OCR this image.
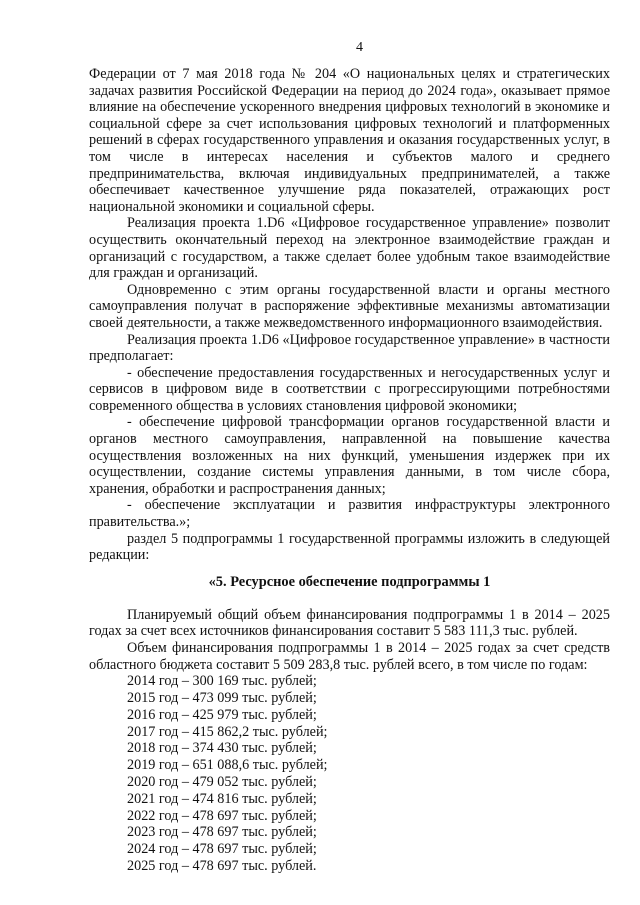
4

Федерации от 7 мая 2018 года № 204 «О национальных целях и стратегических задачах развития Российской Федерации на период до 2024 года», оказывает прямое влияние на обеспечение ускоренного внедрения цифровых технологий в экономике и социальной сфере за счет использования цифровых технологий и платформенных решений в сферах государственного управления и оказания государственных услуг, в том числе в интересах населения и субъектов малого и среднего предпринимательства, включая индивидуальных предпринимателей, а также обеспечивает качественное улучшение ряда показателей, отражающих рост национальной экономики и социальной сферы.

Реализация проекта 1.D6 «Цифровое государственное управление» позволит осуществить окончательный переход на электронное взаимодействие граждан и организаций с государством, а также сделает более удобным такое взаимодействие для граждан и организаций.

Одновременно с этим органы государственной власти и органы местного самоуправления получат в распоряжение эффективные механизмы автоматизации своей деятельности, а также межведомственного информационного взаимодействия.

Реализация проекта 1.D6 «Цифровое государственное управление» в частности предполагает:

- обеспечение предоставления государственных и негосударственных услуг и сервисов в цифровом виде в соответствии с прогрессирующими потребностями современного общества в условиях становления цифровой экономики;

- обеспечение цифровой трансформации органов государственной власти и органов местного самоуправления, направленной на повышение качества осуществления возложенных на них функций, уменьшения издержек при их осуществлении, создание системы управления данными, в том числе сбора, хранения, обработки и распространения данных;

- обеспечение эксплуатации и развития инфраструктуры электронного правительства.»;

раздел 5 подпрограммы 1 государственной программы изложить в следующей редакции:

«5. Ресурсное обеспечение подпрограммы 1

Планируемый общий объем финансирования подпрограммы 1 в 2014 – 2025 годах за счет всех источников финансирования составит 5 583 111,3 тыс. рублей.

Объем финансирования подпрограммы 1 в 2014 – 2025 годах за счет средств областного бюджета составит 5 509 283,8 тыс. рублей всего, в том числе по годам:

2014 год – 300 169 тыс. рублей;
2015 год – 473 099 тыс. рублей;
2016 год – 425 979 тыс. рублей;
2017 год – 415 862,2 тыс. рублей;
2018 год – 374 430 тыс. рублей;
2019 год – 651 088,6 тыс. рублей;
2020 год – 479 052 тыс. рублей;
2021 год – 474 816 тыс. рублей;
2022 год – 478 697 тыс. рублей;
2023 год – 478 697 тыс. рублей;
2024 год – 478 697 тыс. рублей;
2025 год – 478 697 тыс. рублей.
